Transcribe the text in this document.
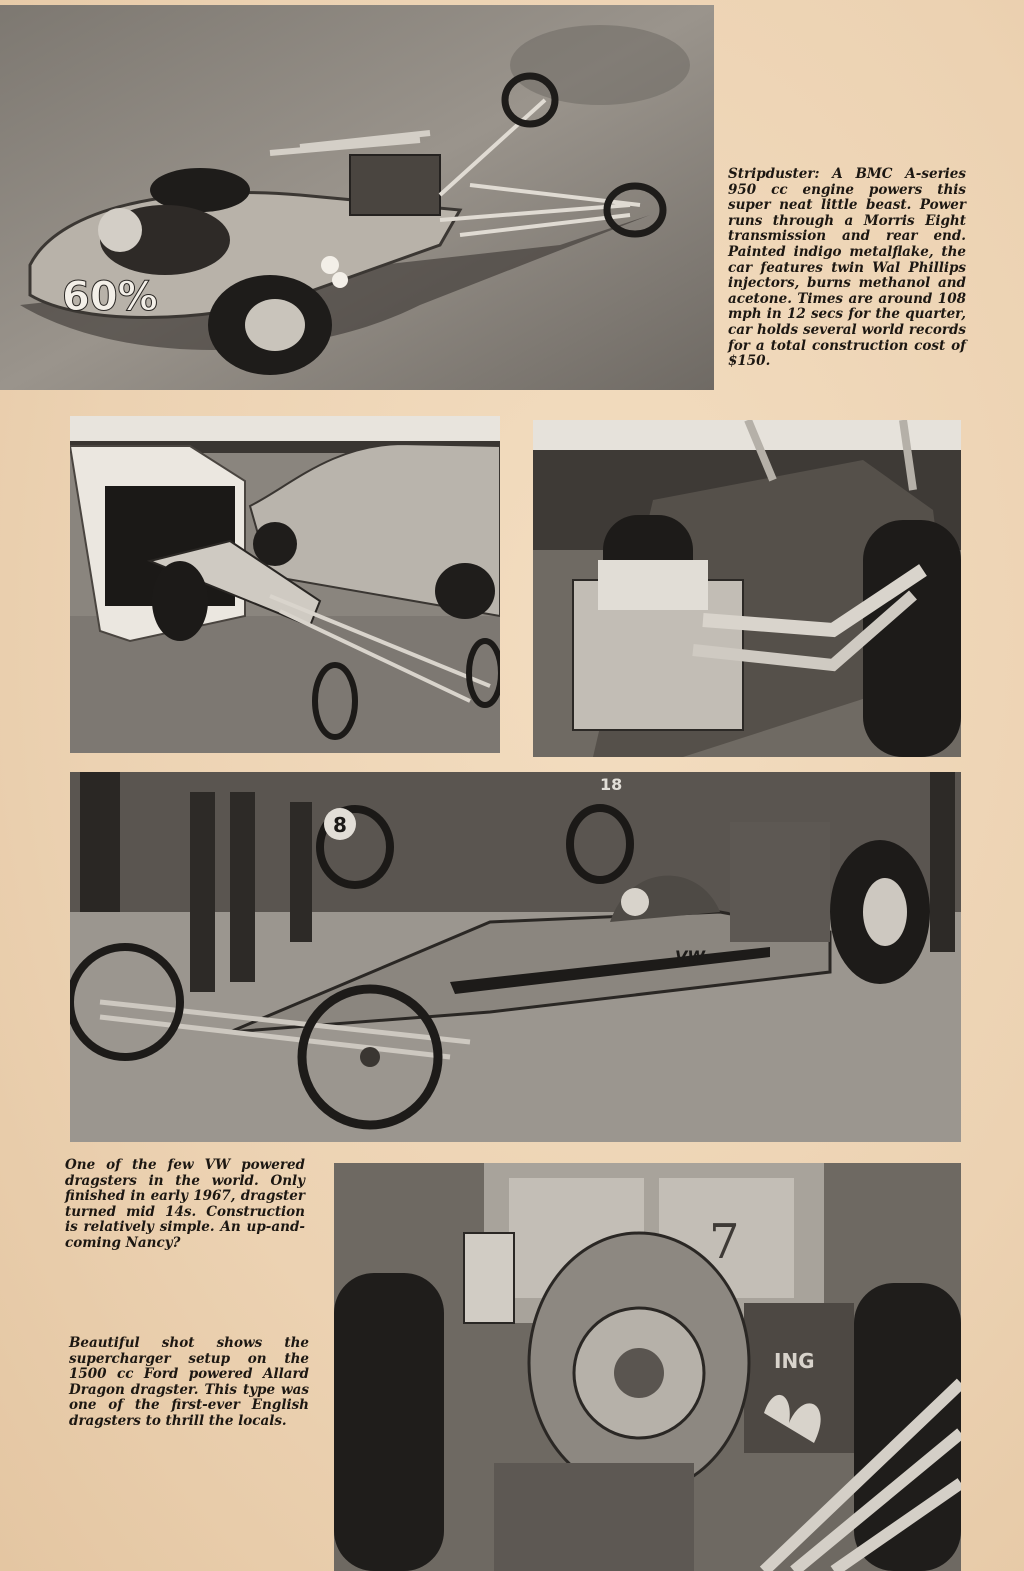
60%

Stripduster: A BMC A-series 950 cc engine powers this super neat little beast. Power runs through a Morris Eight transmission and rear end. Painted indigo metalflake, the car features twin Wal Phillips injectors, burns methanol and acetone. Times are around 108 mph in 12 secs for the quarter, car holds several world records for a total construction cost of $150.

8
18
VW

One of the few VW powered dragsters in the world. Only finished in early 1967, dragster turned mid 14s. Construction is relatively simple. An up-and-coming Nancy?

Beautiful shot shows the supercharger setup on the 1500 cc Ford powered Allard Dragon dragster. This type was one of the first-ever English dragsters to thrill the locals.

7
ING
